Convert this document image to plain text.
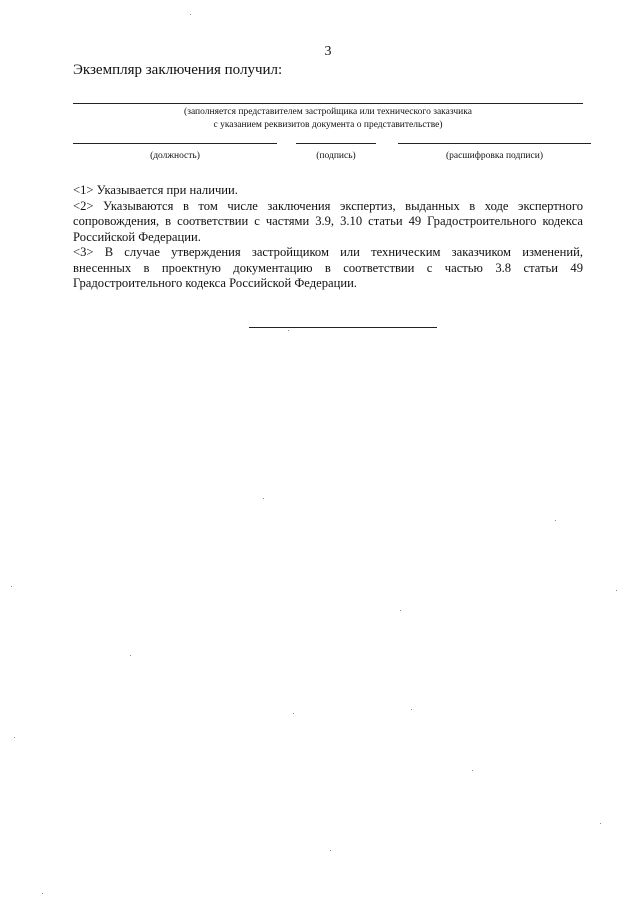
3
Экземпляр заключения получил:
(заполняется представителем застройщика или технического заказчика
с указанием реквизитов документа о представительстве)
(должность)	(подпись)	(расшифровка подписи)
<1> Указывается при наличии.
<2> Указываются в том числе заключения экспертиз, выданных в ходе экспертного
сопровождения, в соответствии с частями 3.9, 3.10 статьи 49 Градостроительного кодекса
Российской Федерации.
<3> В случае утверждения застройщиком или техническим заказчиком изменений,
внесенных в проектную документацию в соответствии с частью 3.8 статьи 49
Градостроительного кодекса Российской Федерации.
